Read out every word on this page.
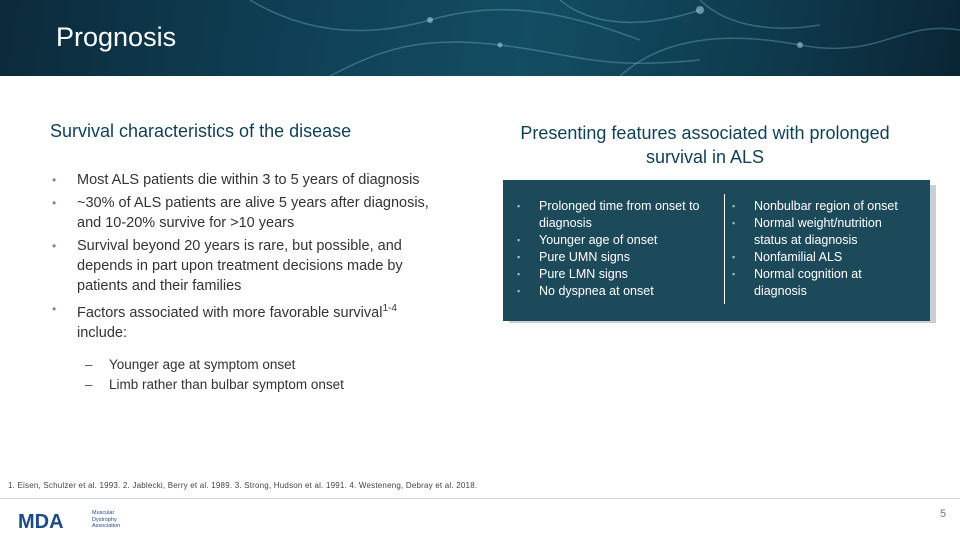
Prognosis
Survival characteristics of the disease
• Most ALS patients die within 3 to 5 years of diagnosis
• ~30% of ALS patients are alive 5 years after diagnosis, and 10-20% survive for >10 years
• Survival beyond 20 years is rare, but possible, and depends in part upon treatment decisions made by patients and their families
• Factors associated with more favorable survival$^{1-4}$ include:
– Younger age at symptom onset
– Limb rather than bulbar symptom onset
Presenting features associated with prolonged
survival in ALS
▪ Prolonged time from onset to diagnosis
▪ Younger age of onset
▪ Pure UMN signs
▪ Pure LMN signs
▪ No dyspnea at onset
▪ Nonbulbar region of onset
▪ Normal weight/nutrition status at diagnosis
▪ Nonfamilial ALS
▪ Normal cognition at diagnosis
1. Eisen, Schulzer et al. 1993. 2. Jablecki, Berry et al. 1989. 3. Strong, Hudson et al. 1991. 4. Westeneng, Debray et al. 2018.
MDA	Muscular
Dystrophy
Association
5
